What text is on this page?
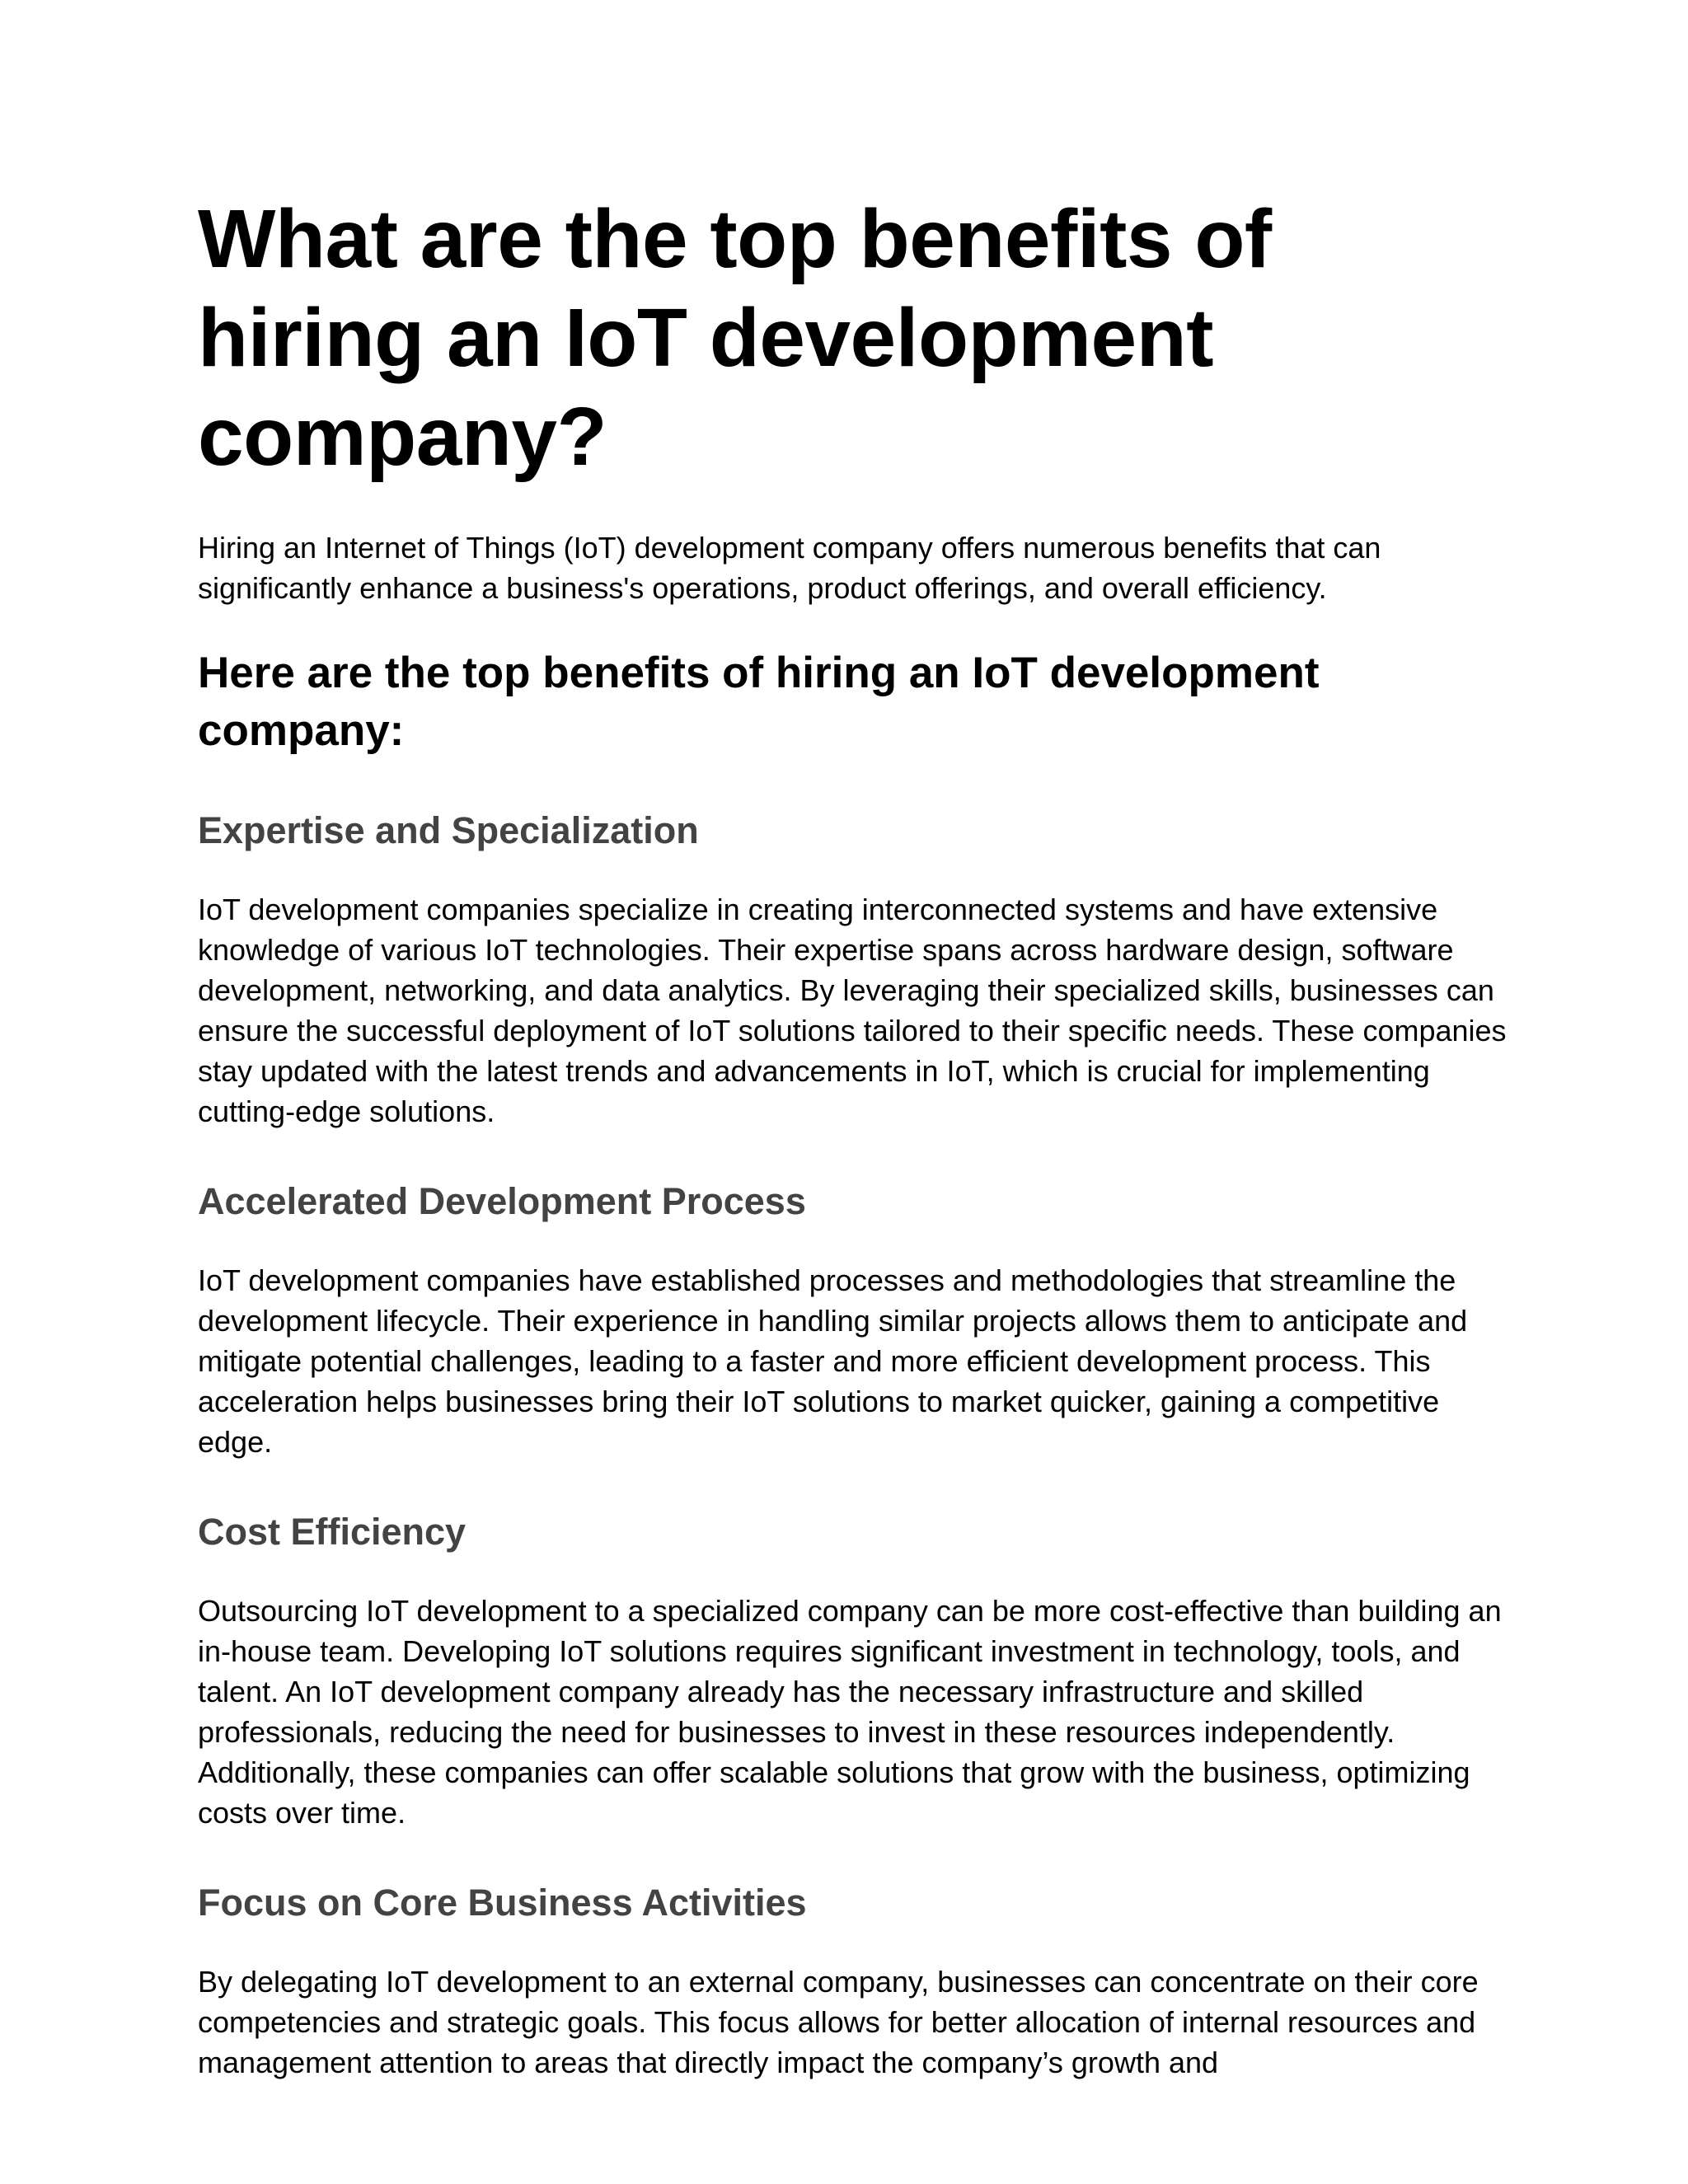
What are the top benefits of hiring an IoT development company?

Hiring an Internet of Things (IoT) development company offers numerous benefits that can significantly enhance a business's operations, product offerings, and overall efficiency.

Here are the top benefits of hiring an IoT development company:
Expertise and Specialization

IoT development companies specialize in creating interconnected systems and have extensive knowledge of various IoT technologies. Their expertise spans across hardware design, software development, networking, and data analytics. By leveraging their specialized skills, businesses can ensure the successful deployment of IoT solutions tailored to their specific needs. These companies stay updated with the latest trends and advancements in IoT, which is crucial for implementing cutting-edge solutions.

Accelerated Development Process

IoT development companies have established processes and methodologies that streamline the development lifecycle. Their experience in handling similar projects allows them to anticipate and mitigate potential challenges, leading to a faster and more efficient development process. This acceleration helps businesses bring their IoT solutions to market quicker, gaining a competitive edge.

Cost Efficiency

Outsourcing IoT development to a specialized company can be more cost-effective than building an in-house team. Developing IoT solutions requires significant investment in technology, tools, and talent. An IoT development company already has the necessary infrastructure and skilled professionals, reducing the need for businesses to invest in these resources independently. Additionally, these companies can offer scalable solutions that grow with the business, optimizing costs over time.

Focus on Core Business Activities

By delegating IoT development to an external company, businesses can concentrate on their core competencies and strategic goals. This focus allows for better allocation of internal resources and management attention to areas that directly impact the company’s growth and
